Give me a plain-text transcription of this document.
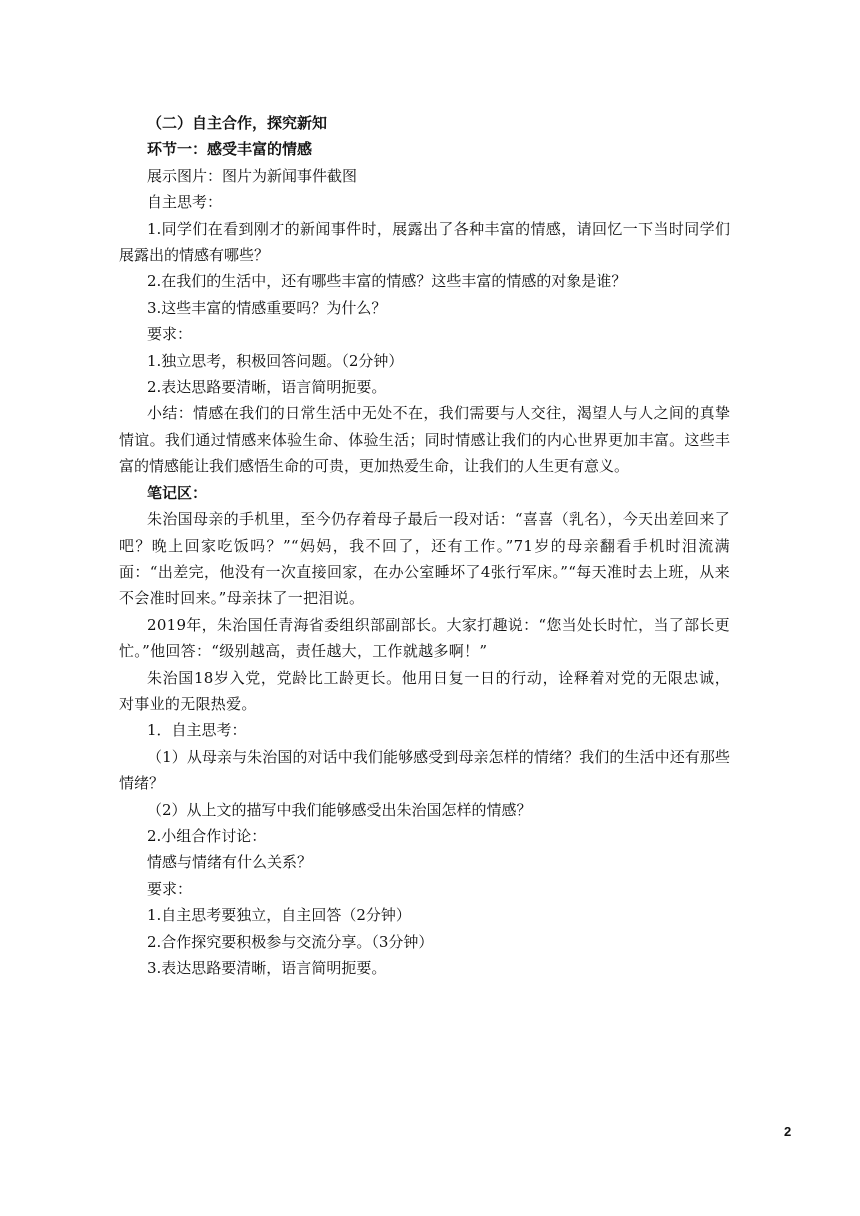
（二）自主合作，探究新知

环节一：感受丰富的情感

展示图片：图片为新闻事件截图

自主思考：

1.同学们在看到刚才的新闻事件时，展露出了各种丰富的情感，请回忆一下当时同学们展露出的情感有哪些？

2.在我们的生活中，还有哪些丰富的情感？这些丰富的情感的对象是谁？

3.这些丰富的情感重要吗？为什么？

要求：

1.独立思考，积极回答问题。（2分钟）

2.表达思路要清晰，语言简明扼要。

小结：情感在我们的日常生活中无处不在，我们需要与人交往，渴望人与人之间的真挚情谊。我们通过情感来体验生命、体验生活；同时情感让我们的内心世界更加丰富。这些丰富的情感能让我们感悟生命的可贵，更加热爱生命，让我们的人生更有意义。

笔记区：

朱治国母亲的手机里，至今仍存着母子最后一段对话：“喜喜（乳名），今天出差回来了吧？晚上回家吃饭吗？”“妈妈，我不回了，还有工作。”71岁的母亲翻看手机时泪流满面：“出差完，他没有一次直接回家，在办公室睡坏了4张行军床。”“每天准时去上班，从来不会准时回来。”母亲抹了一把泪说。

2019年，朱治国任青海省委组织部副部长。大家打趣说：“您当处长时忙，当了部长更忙。”他回答：“级别越高，责任越大，工作就越多啊！”

朱治国18岁入党，党龄比工龄更长。他用日复一日的行动，诠释着对党的无限忠诚，对事业的无限热爱。

1．自主思考：

（1）从母亲与朱治国的对话中我们能够感受到母亲怎样的情绪？我们的生活中还有那些情绪？

（2）从上文的描写中我们能够感受出朱治国怎样的情感？

2.小组合作讨论：

情感与情绪有什么关系？

要求：

1.自主思考要独立，自主回答（2分钟）

2.合作探究要积极参与交流分享。（3分钟）

3.表达思路要清晰，语言简明扼要。

2
